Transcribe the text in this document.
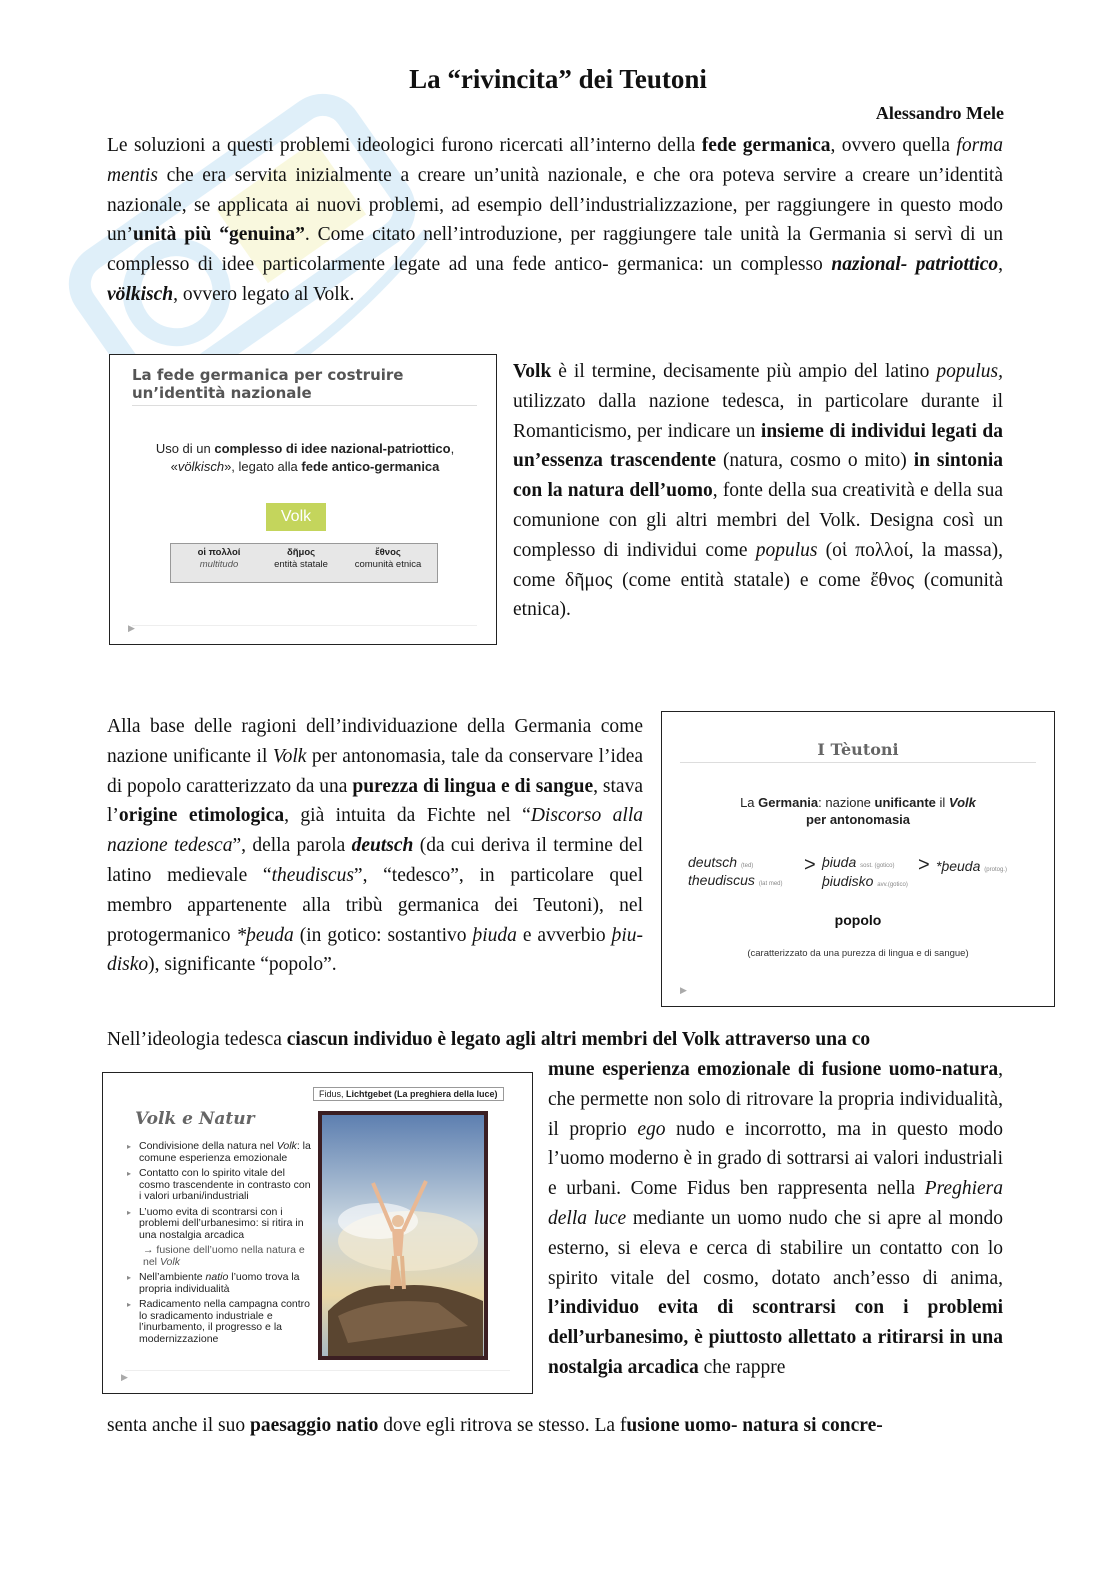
La “rivincita” dei Teutoni
Alessandro Mele

Le soluzioni a questi problemi ideologici furono ricercati all’interno della fede germanica, ovvero quella forma mentis che era servita inizialmente a creare un’unità nazionale, e che ora poteva servire a creare un’identità nazionale, se applicata ai nuovi problemi, ad esempio dell’industrializzazione, per raggiungere in questo modo un’unità più “genuina”. Come citato nell’introduzione, per raggiungere tale unità la Germania si servì di un complesso di idee particolarmente legate ad una fede antico- germanica: un complesso nazional- patriottico, völkisch, ovvero legato al Volk.

La fede germanica per costruire un’identità nazionale
Uso di un complesso di idee nazional-patriottico, «völkisch», legato alla fede antico-germanica
Volk
οἱ πολλοί
multitudo
δῆμος
entità statale
ἔθνος
comunità etnica
▶

Volk è il termine, decisamente più ampio del latino populus, utilizzato dalla nazione tedesca, in particolare durante il Romanticismo, per indicare un insieme di individui legati da un’essenza trascendente (natura, cosmo o mito) in sintonia con la natura dell’uomo, fonte della sua creatività e della sua comunione con gli altri membri del Volk. Designa così un complesso di individui come populus (οἱ πολλοί, la massa), come δῆμος (come entità statale) e come ἔθνος (comunità etnica).

Alla base delle ragioni dell’individuazione della Germania come nazione unificante il Volk per antonomasia, tale da conservare l’idea di popolo caratterizzato da una purezza di lingua e di sangue, stava l’origine etimologica, già intuita da Fichte nel “Discorso alla nazione tedesca”, della parola deutsch (da cui deriva il termine del latino medievale “theudiscus”, “tedesco”, in particolare quel membro appartenente alla tribù germanica dei Teutoni), nel protogermanico *þeuda (in gotico: sostantivo þiuda e avverbio þiudisko), significante “popolo”.

I Tèutoni
La Germania: nazione unificante il Volk
per antonomasia
deutsch (ted)
theudiscus (lat med)
> þiuda sost. (gotico)
þiudisko avv.(gotico)
> *þeuda (protog.)
popolo
(caratterizzato da una purezza di lingua e di sangue)
▶

Nell’ideologia tedesca ciascun individuo è legato agli altri membri del Volk attraverso una co

mune esperienza emozionale di fusione uomo-natura, che permette non solo di ritrovare la propria individualità, il proprio ego nudo e incorrotto, ma in questo modo l’uomo moderno è in grado di sottrarsi ai valori industriali e urbani. Come Fidus ben rappresenta nella Preghiera della luce mediante un uomo nudo che si apre al mondo esterno, si eleva e cerca di stabilire un contatto con lo spirito vitale del cosmo, dotato anch’esso di anima, l’individuo evita di scontrarsi con i problemi dell’urbanesimo, è piuttosto allettato a ritirarsi in una nostalgia arcadica che rappre

senta anche il suo paesaggio natio dove egli ritrova se stesso. La fusione uomo- natura si concre-

Fidus, Lichtgebet (La preghiera della luce)
Volk e Natur
▸ Condivisione della natura nel Volk: la comune esperienza emozionale
▸ Contatto con lo spirito vitale del cosmo trascendente in contrasto con i valori urbani/industriali
▸ L’uomo evita di scontrarsi con i problemi dell’urbanesimo: si ritira in una nostalgia arcadica
→ fusione dell’uomo nella natura e nel Volk
▸ Nell’ambiente natio l’uomo trova la propria individualità
▸ Radicamento nella campagna contro lo sradicamento industriale e l’inurbamento, il progresso e la modernizzazione
▶
